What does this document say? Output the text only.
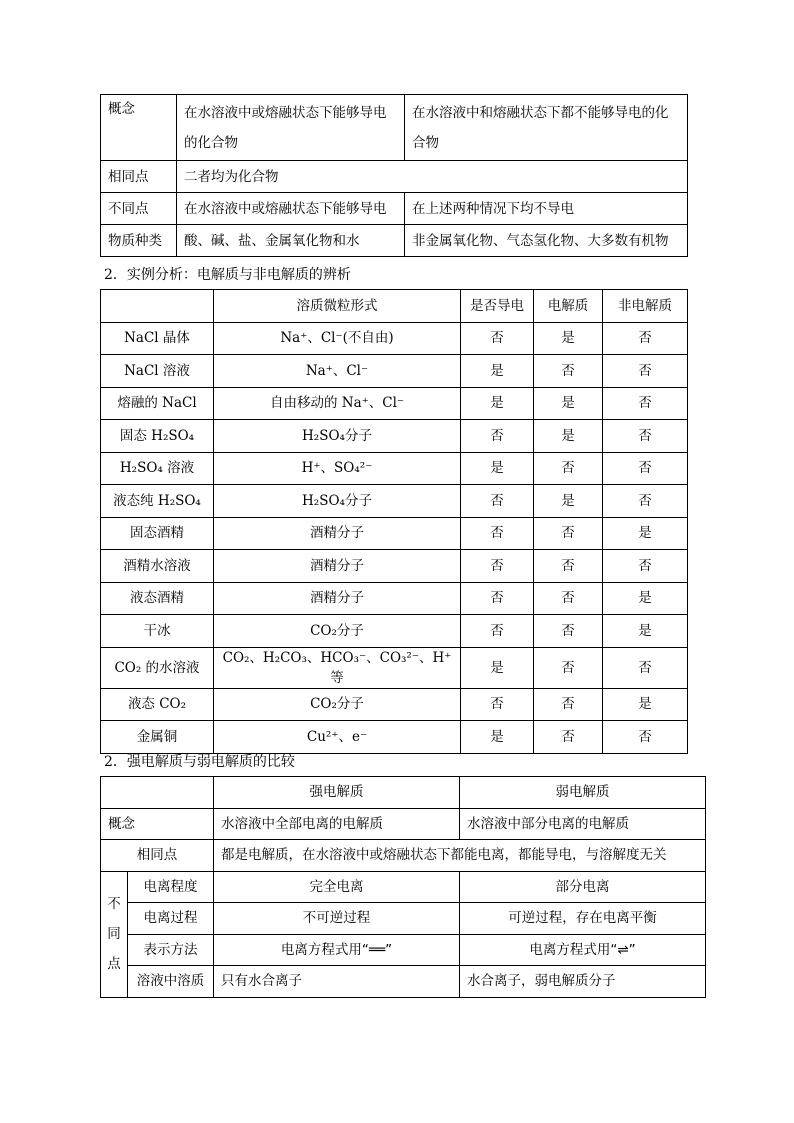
概念	在水溶液中或熔融状态下能够导电的化合物	在水溶液中和熔融状态下都不能够导电的化合物
相同点	二者均为化合物	
不同点	在水溶液中或熔融状态下能够导电	在上述两种情况下均不导电
物质种类	酸、碱、盐、金属氧化物和水	非金属氧化物、气态氢化物、大多数有机物

2．实例分析：电解质与非电解质的辨析

	溶质微粒形式	是否导电	电解质	非电解质
NaCl 晶体	Na⁺、Cl⁻(不自由)	否	是	否
NaCl 溶液	Na⁺、Cl⁻	是	否	否
熔融的 NaCl	自由移动的 Na⁺、Cl⁻	是	是	否
固态 H₂SO₄	H₂SO₄分子	否	是	否
H₂SO₄ 溶液	H⁺、SO₄²⁻	是	否	否
液态纯 H₂SO₄	H₂SO₄分子	否	是	否
固态酒精	酒精分子	否	否	是
酒精水溶液	酒精分子	否	否	否
液态酒精	酒精分子	否	否	是
干冰	CO₂分子	否	否	是
CO₂ 的水溶液	CO₂、H₂CO₃、HCO₃⁻、CO₃²⁻、H⁺等	是	否	否
液态 CO₂	CO₂分子	否	否	是
金属铜	Cu²⁺、e⁻	是	否	否

2．强电解质与弱电解质的比较

		强电解质	弱电解质
概念		水溶液中全部电离的电解质	水溶液中部分电离的电解质
相同点		都是电解质，在水溶液中或熔融状态下都能电离，都能导电，与溶解度无关	
不
同
点	电离程度	完全电离	部分电离
	电离过程	不可逆过程	可逆过程，存在电离平衡
	表示方法	电离方程式用“══”	电离方程式用“⇌”
	溶液中溶质	只有水合离子	水合离子，弱电解质分子
